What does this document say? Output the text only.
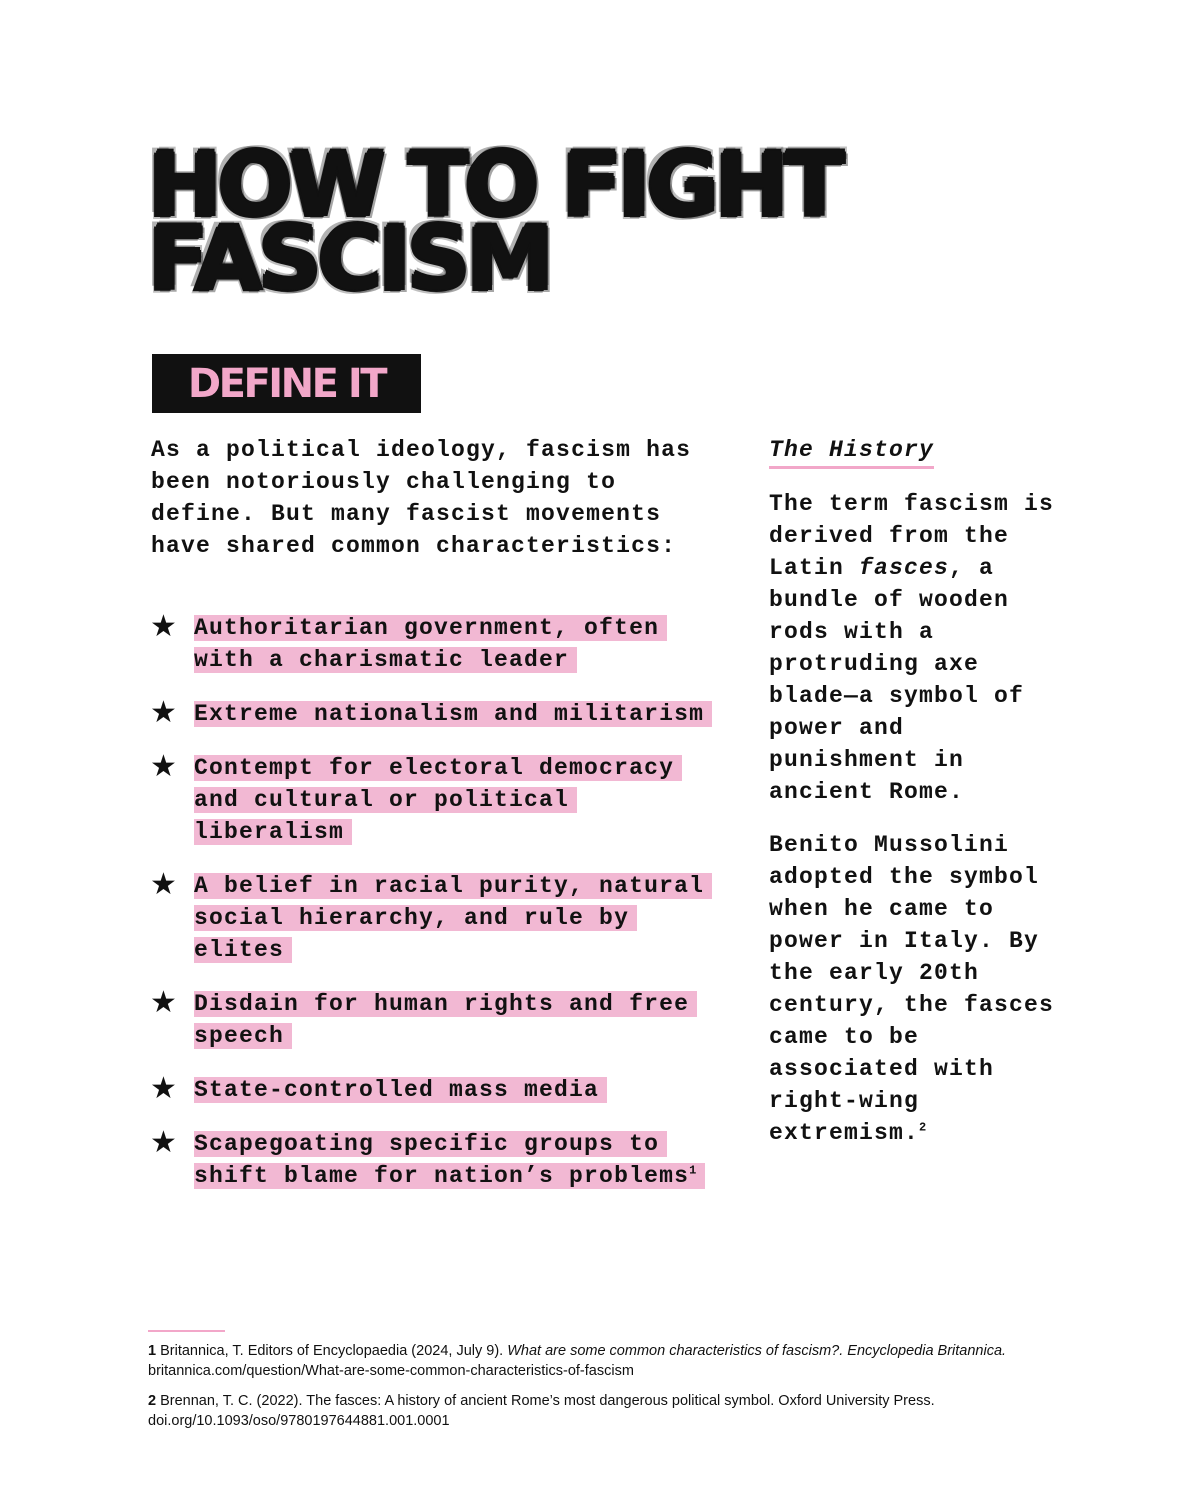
HOW TO FIGHT
FASCISM
DEFINE IT

As a political ideology, fascism has been notoriously challenging to define. But many fascist movements have shared common characteristics:

★ Authoritarian government, often with a charismatic leader
★ Extreme nationalism and militarism
★ Contempt for electoral democracy and cultural or political liberalism
★ A belief in racial purity, natural social hierarchy, and rule by elites
★ Disdain for human rights and free speech
★ State-controlled mass media
★ Scapegoating specific groups to shift blame for nation’s problems$^1$
The History

The term fascism is derived from the Latin fasces, a bundle of wooden rods with a protruding axe blade—a symbol of power and punishment in ancient Rome.

Benito Mussolini adopted the symbol when he came to power in Italy. By the early 20th century, the fasces came to be associated with right-wing extremism.$^2$

1 Britannica, T. Editors of Encyclopaedia (2024, July 9). What are some common characteristics of fascism?. Encyclopedia Britannica.
britannica.com/question/What-are-some-common-characteristics-of-fascism

2 Brennan, T. C. (2022). The fasces: A history of ancient Rome’s most dangerous political symbol. Oxford University Press.
doi.org/10.1093/oso/9780197644881.001.0001
